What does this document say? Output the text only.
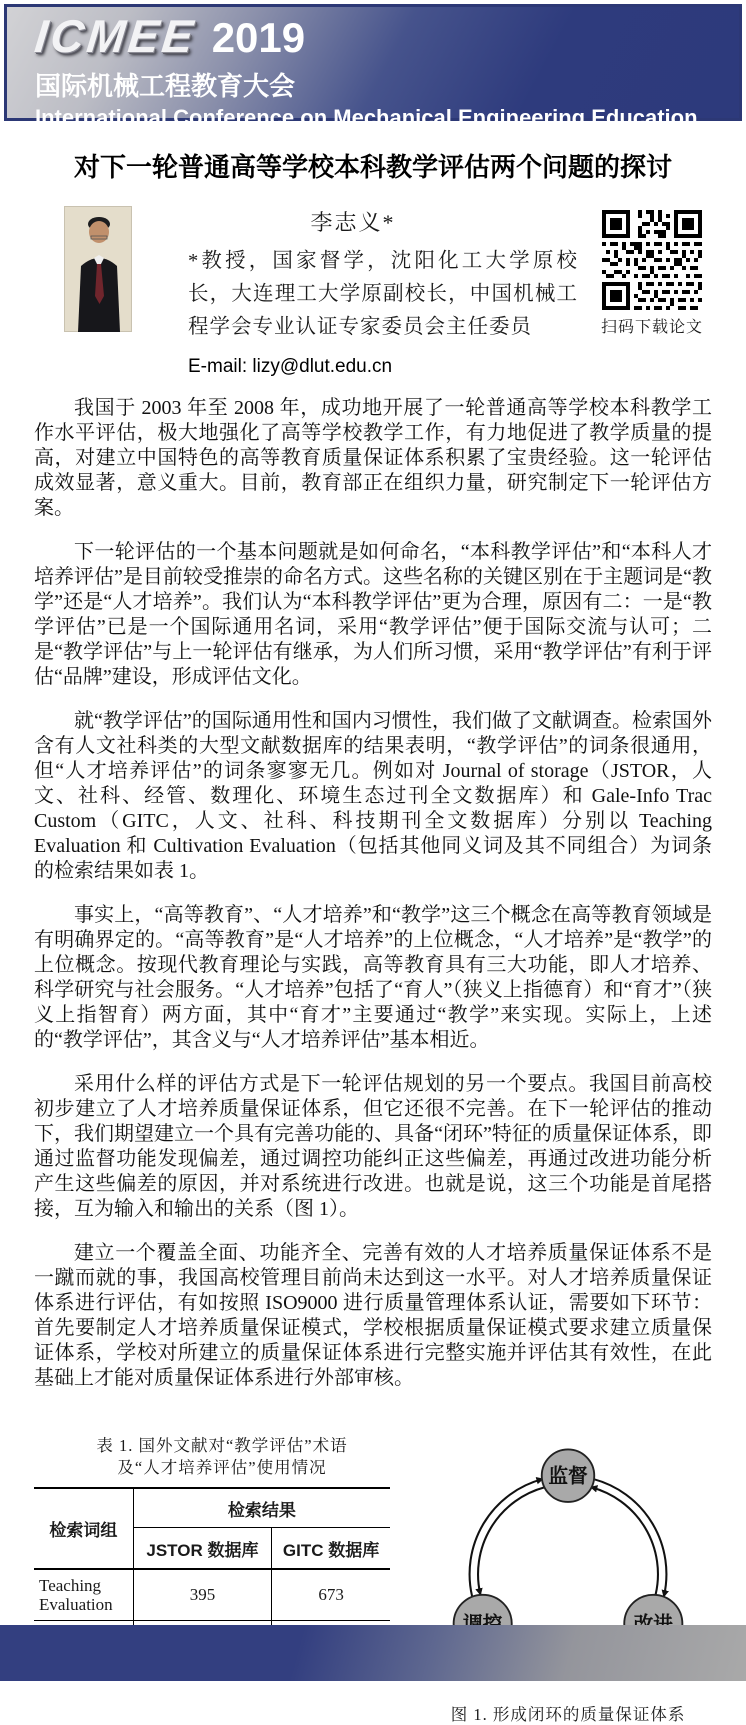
ICMEE 2019
国际机械工程教育大会
International Conference on Mechanical Engineering Education
对下一轮普通高等学校本科教学评估两个问题的探讨
李志义*
*教授，国家督学，沈阳化工大学原校长，大连理工大学原副校长，中国机械工程学会专业认证专家委员会主任委员
E-mail: lizy@dlut.edu.cn
扫码下载论文

我国于 2003 年至 2008 年，成功地开展了一轮普通高等学校本科教学工作水平评估，极大地强化了高等学校教学工作，有力地促进了教学质量的提高，对建立中国特色的高等教育质量保证体系积累了宝贵经验。这一轮评估成效显著，意义重大。目前，教育部正在组织力量，研究制定下一轮评估方案。

下一轮评估的一个基本问题就是如何命名，“本科教学评估”和“本科人才培养评估”是目前较受推崇的命名方式。这些名称的关键区别在于主题词是“教学”还是“人才培养”。我们认为“本科教学评估”更为合理，原因有二：一是“教学评估”已是一个国际通用名词，采用“教学评估”便于国际交流与认可；二是“教学评估”与上一轮评估有继承，为人们所习惯，采用“教学评估”有利于评估“品牌”建设，形成评估文化。

就“教学评估”的国际通用性和国内习惯性，我们做了文献调查。检索国外含有人文社科类的大型文献数据库的结果表明，“教学评估”的词条很通用，但“人才培养评估”的词条寥寥无几。例如对 Journal of storage（JSTOR，人文、社科、经管、数理化、环境生态过刊全文数据库）和 Gale-Info Trac Custom（GITC，人文、社科、科技期刊全文数据库）分别以 Teaching Evaluation 和 Cultivation Evaluation（包括其他同义词及其不同组合）为词条的检索结果如表 1。

事实上，“高等教育”、“人才培养”和“教学”这三个概念在高等教育领域是有明确界定的。“高等教育”是“人才培养”的上位概念，“人才培养”是“教学”的上位概念。按现代教育理论与实践，高等教育具有三大功能，即人才培养、科学研究与社会服务。“人才培养”包括了“育人”（狭义上指德育）和“育才”（狭义上指智育）两方面，其中“育才”主要通过“教学”来实现。实际上，上述的“教学评估”，其含义与“人才培养评估”基本相近。

采用什么样的评估方式是下一轮评估规划的另一个要点。我国目前高校初步建立了人才培养质量保证体系，但它还很不完善。在下一轮评估的推动下，我们期望建立一个具有完善功能的、具备“闭环”特征的质量保证体系，即通过监督功能发现偏差，通过调控功能纠正这些偏差，再通过改进功能分析产生这些偏差的原因，并对系统进行改进。也就是说，这三个功能是首尾搭接，互为输入和输出的关系（图 1）。

建立一个覆盖全面、功能齐全、完善有效的人才培养质量保证体系不是一蹴而就的事，我国高校管理目前尚未达到这一水平。对人才培养质量保证体系进行评估，有如按照 ISO9000 进行质量管理体系认证，需要如下环节：首先要制定人才培养质量保证模式，学校根据质量保证模式要求建立质量保证体系，学校对所建立的质量保证体系进行完整实施并评估其有效性，在此基础上才能对质量保证体系进行外部审核。

表 1. 国外文献对“教学评估”术语
及“人才培养评估”使用情况
检索词组	检索结果	
	JSTOR 数据库	GITC 数据库
Teaching Evaluation	395	673

监督
图 1. 形成闭环的质量保证体系
